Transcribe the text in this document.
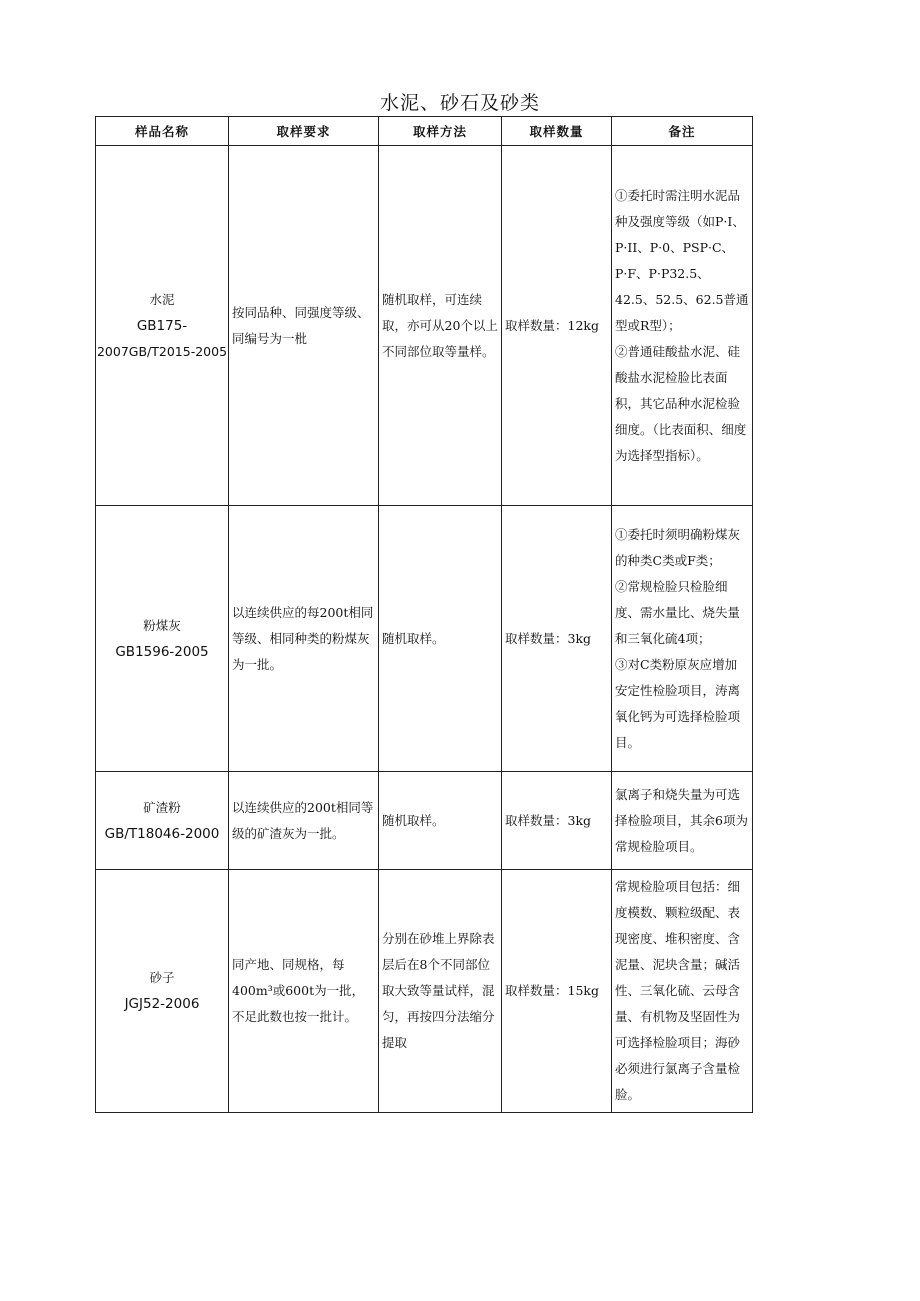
水泥、砂石及砂类
样品名称	取样要求	取样方法	取样数量	备注

水泥
GB175-
2007GB/T2015-2005	按同品种、同强度等级、同编号为一枇	随机取样，可连续取，亦可从20个以上不同部位取等量样。	取样数量：12kg	①委托时需注明水泥品种及强度等级（如P·I、P·II、P·0、PSP·C、P·F、P·P32.5、42.5、52.5、62.5普通型或R型）；
②普通硅酸盐水泥、硅酸盐水泥检脸比表面积，其它品种水泥检验细度。（比表面积、细度为选择型指标）。

粉煤灰
GB1596-2005	以连续供应的每200t相同等级、相同种类的粉煤灰为一批。	随机取样。	取样数量：3kg	①委托时须明确粉煤灰的种类C类或F类；
②常规检脸只检脸细度、需水量比、烧失量和三氧化硫4项；
③对C类粉原灰应增加安定性检脸项目，涛离氧化钙为可选择检脸项目。

矿渣粉
GB/T18046-2000	以连续供应的200t相同等级的矿渣灰为一批。	随机取样。	取样数量：3kg	氯离子和烧失量为可选择检脸项目，其余6项为常规检脸项目。

砂子
JGJ52-2006	同产地、同规格，每400m³或600t为一批，不足此数也按一批计。	分别在砂堆上界除表层后在8个不同部位取大致等量试样，混匀，再按四分法缩分提取	取样数量：15kg	常规检脸项目包括：细度模数、颗粒级配、表现密度、堆积密度、含泥量、泥块含量；碱活性、三氧化硫、云母含量、有机物及坚固性为可选择检脸项目；海砂必须进行氯离子含量检脸。
